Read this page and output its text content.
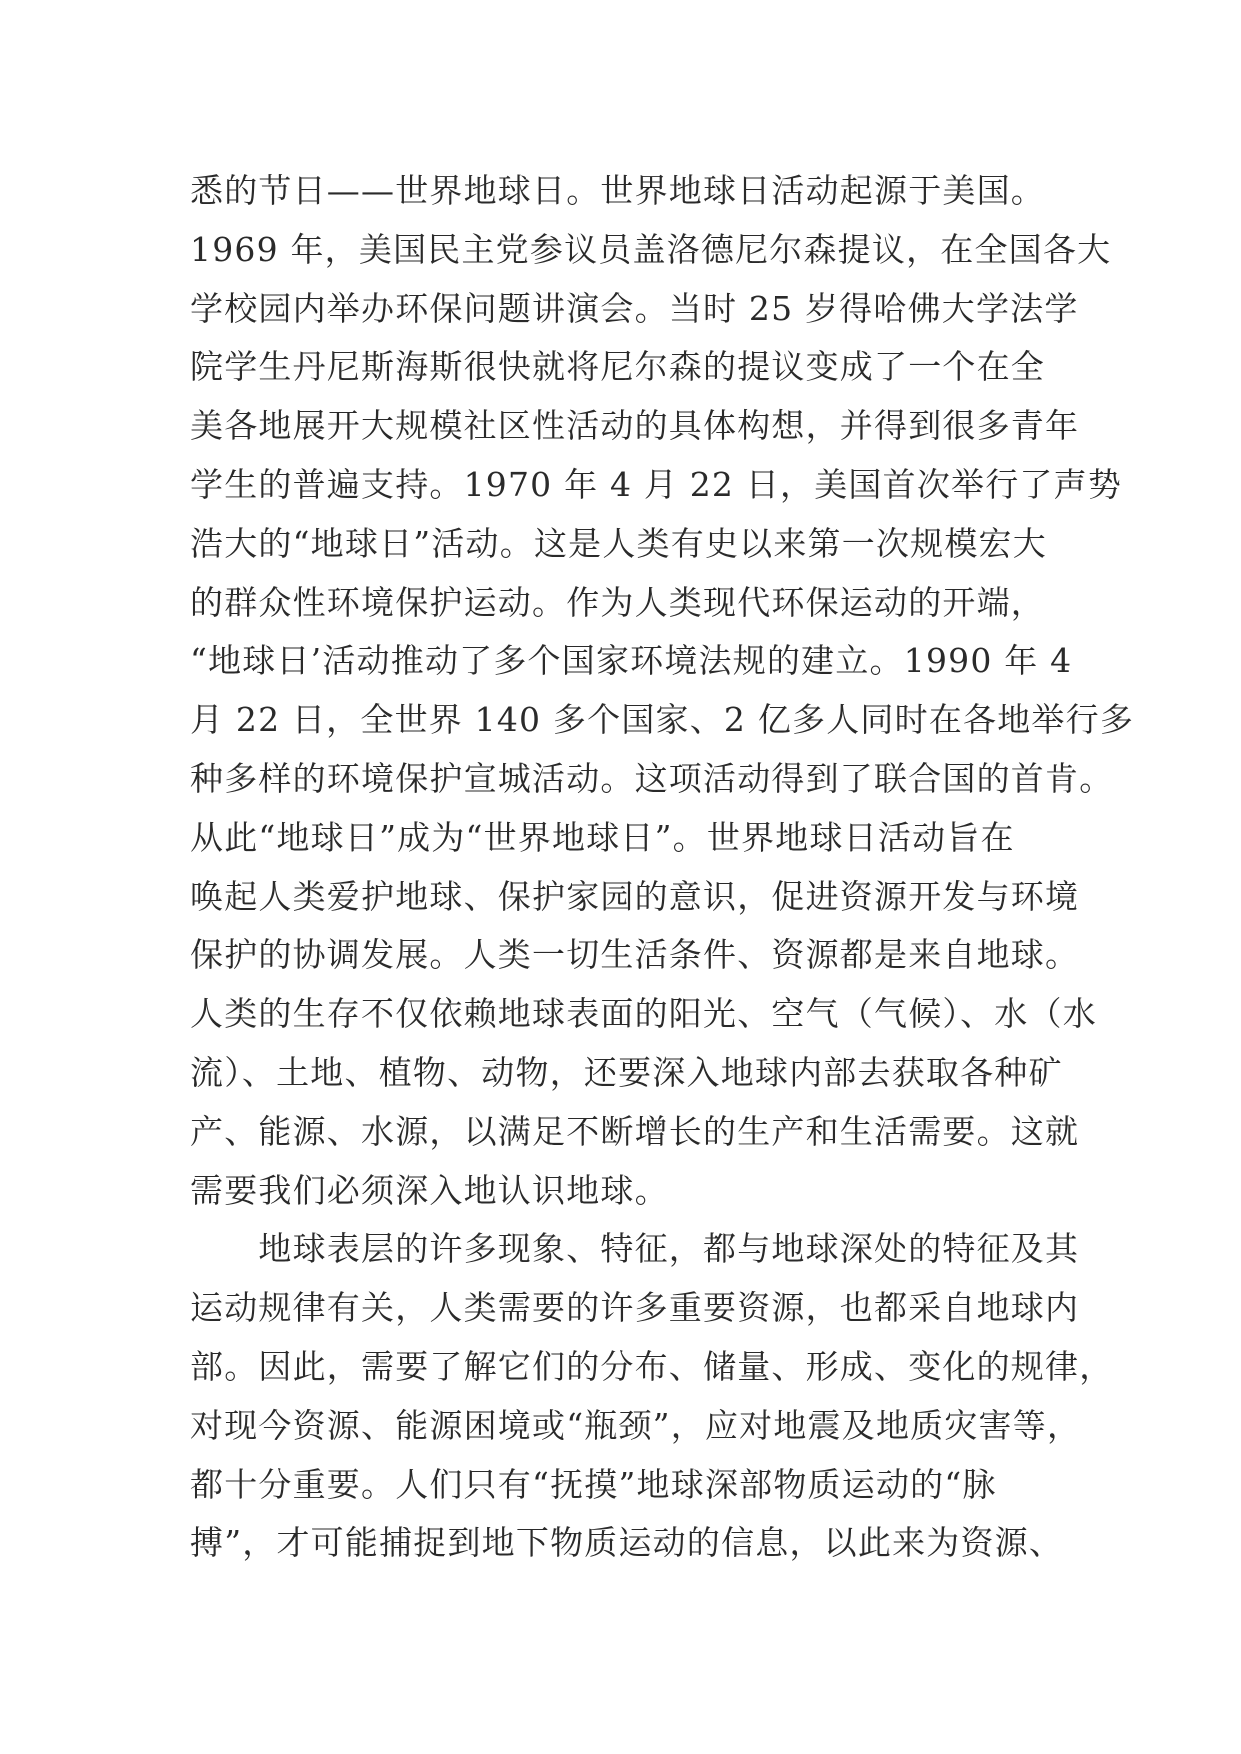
悉的节日——世界地球日。世界地球日活动起源于美国。
1969 年，美国民主党参议员盖洛德尼尔森提议，在全国各大
学校园内举办环保问题讲演会。当时 25 岁得哈佛大学法学
院学生丹尼斯海斯很快就将尼尔森的提议变成了一个在全
美各地展开大规模社区性活动的具体构想，并得到很多青年
学生的普遍支持。1970 年 4 月 22 日，美国首次举行了声势
浩大的“地球日”活动。这是人类有史以来第一次规模宏大
的群众性环境保护运动。作为人类现代环保运动的开端，
“地球日’活动推动了多个国家环境法规的建立。1990 年 4
月 22 日，全世界 140 多个国家、2 亿多人同时在各地举行多
种多样的环境保护宣城活动。这项活动得到了联合国的首肯。
从此“地球日”成为“世界地球日”。世界地球日活动旨在
唤起人类爱护地球、保护家园的意识，促进资源开发与环境
保护的协调发展。人类一切生活条件、资源都是来自地球。
人类的生存不仅依赖地球表面的阳光、空气（气候）、水（水
流）、土地、植物、动物，还要深入地球内部去获取各种矿
产、能源、水源，以满足不断增长的生产和生活需要。这就
需要我们必须深入地认识地球。
　　地球表层的许多现象、特征，都与地球深处的特征及其
运动规律有关，人类需要的许多重要资源，也都采自地球内
部。因此，需要了解它们的分布、储量、形成、变化的规律，
对现今资源、能源困境或“瓶颈”，应对地震及地质灾害等，
都十分重要。人们只有“抚摸”地球深部物质运动的“脉
搏”，才可能捕捉到地下物质运动的信息，以此来为资源、
